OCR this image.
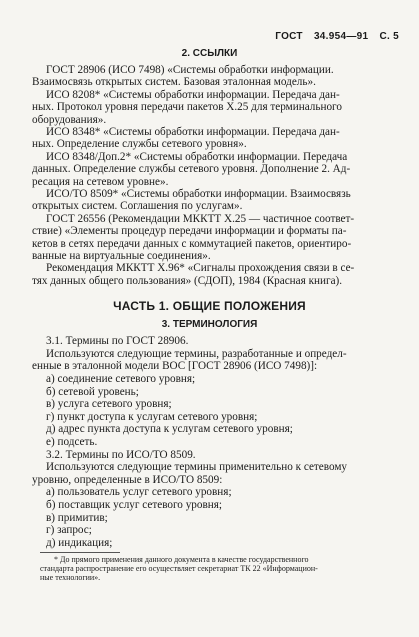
ГОСТ 34.954—91 С. 5
2. ССЫЛКИ
ГОСТ 28906 (ИСО 7498) «Системы обработки информации.
Взаимосвязь открытых систем. Базовая эталонная модель».
ИСО 8208* «Системы обработки информации. Передача дан-
ных. Протокол уровня передачи пакетов Х.25 для терминального
оборудования».
ИСО 8348* «Системы обработки информации. Передача дан-
ных. Определение службы сетевого уровня».
ИСО 8348/Доп.2* «Системы обработки информации. Передача
данных. Определение службы сетевого уровня. Дополнение 2. Ад-
ресация на сетевом уровне».
ИСО/ТО 8509* «Системы обработки информации. Взаимосвязь
открытых систем. Соглашения по услугам».
ГОСТ 26556 (Рекомендации МККТТ Х.25 — частичное соответ-
ствие) «Элементы процедур передачи информации и форматы па-
кетов в сетях передачи данных с коммутацией пакетов, ориентиро-
ванные на виртуальные соединения».
Рекомендация МККТТ Х.96* «Сигналы прохождения связи в се-
тях данных общего пользования» (СДОП), 1984 (Красная книга).
ЧАСТЬ 1. ОБЩИЕ ПОЛОЖЕНИЯ
3. ТЕРМИНОЛОГИЯ
3.1. Термины по ГОСТ 28906.
Используются следующие термины, разработанные и определ-
енные в эталонной модели ВОС [ГОСТ 28906 (ИСО 7498)]:
а) соединение сетевого уровня;
б) сетевой уровень;
в) услуга сетевого уровня;
г) пункт доступа к услугам сетевого уровня;
д) адрес пункта доступа к услугам сетевого уровня;
е) подсеть.
3.2. Термины по ИСО/ТО 8509.
Используются следующие термины применительно к сетевому
уровню, определенные в ИСО/ТО 8509:
а) пользователь услуг сетевого уровня;
б) поставщик услуг сетевого уровня;
в) примитив;
г) запрос;
д) индикация;
* До прямого применения данного документа в качестве государственного
стандарта распространение его осуществляет секретариат ТК 22 «Информацион-
ные технологии».
